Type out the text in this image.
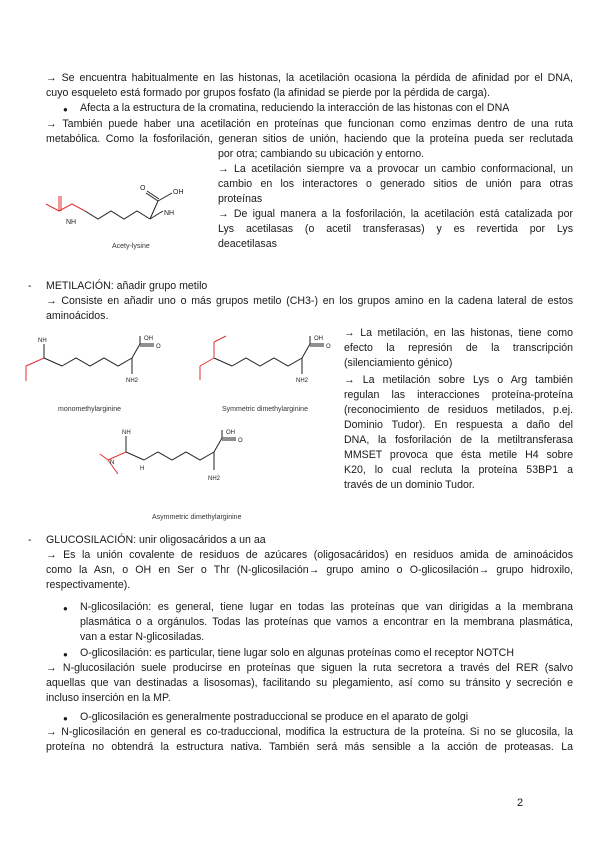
→ Se encuentra habitualmente en las histonas, la acetilación ocasiona la pérdida de afinidad por el DNA,
cuyo esqueleto está formado por grupos fosfato (la afinidad se pierde por la pérdida de carga).
● Afecta a la estructura de la cromatina, reduciendo la interacción de las histonas con el DNA
→ También puede haber una acetilación en proteínas que funcionan como enzimas dentro de una ruta
metabólica. Como la fosforilación, generan sitios de unión, haciendo que la proteína pueda ser reclutada
por otra; cambiando su ubicación y entorno.
→ La acetilación siempre va a provocar un cambio conformacional, un
cambio en los interactores o generado sitios de unión para otras
proteínas
→ De igual manera a la fosforilación, la acetilación está catalizada por
Lys acetilasas (o acetil transferasas) y es revertida por Lys
deacetilasas
NH
O
OH
NH
Acety-lysine
- METILACIÓN: añadir grupo metilo
→ Consiste en añadir uno o más grupos metilo (CH3-) en los grupos amino en la cadena lateral de estos
aminoácidos.
→ La metilación, en las histonas, tiene como
efecto la represión de la transcripción
(silenciamiento génico)
→ La metilación sobre Lys o Arg también
regulan las interacciones proteína-proteína
(reconocimiento de residuos metilados, p.ej.
Dominio Tudor). En respuesta a daño del
DNA, la fosforilación de la metiltransferasa
MMSET provoca que ésta metile H4 sobre
K20, lo cual recluta la proteína 53BP1 a
través de un dominio Tudor.
NH	OH
O
NH2
monomethylarginine
OH
O
NH2
Symmetric dimethylarginine
NH
N
H
OH
O
NH2
Asymmetric dimethylarginine
- GLUCOSILACIÓN: unir oligosacáridos a un aa
→ Es la unión covalente de residuos de azúcares (oligosacáridos) en residuos amida de aminoácidos
como la Asn, o OH en Ser o Thr (N-glicosilación→ grupo amino o O-glicosilación→ grupo hidroxilo,
respectivamente).
● N-glicosilación: es general, tiene lugar en todas las proteínas que van dirigidas a la membrana
plasmática o a orgánulos. Todas las proteínas que vamos a encontrar en la membrana plasmática,
van a estar N-glicosiladas.
● O-glicosilación: es particular, tiene lugar solo en algunas proteínas como el receptor NOTCH
→ N-glucosilación suele producirse en proteínas que siguen la ruta secretora a través del RER (salvo
aquellas que van destinadas a lisosomas), facilitando su plegamiento, así como su tránsito y secreción e
incluso inserción en la MP.
● O-glicosilación es generalmente postraduccional se produce en el aparato de golgi
→ N-glicosilación en general es co-traduccional, modifica la estructura de la proteína. Si no se glucosila, la
proteína no obtendrá la estructura nativa. También será más sensible a la acción de proteasas. La
2
